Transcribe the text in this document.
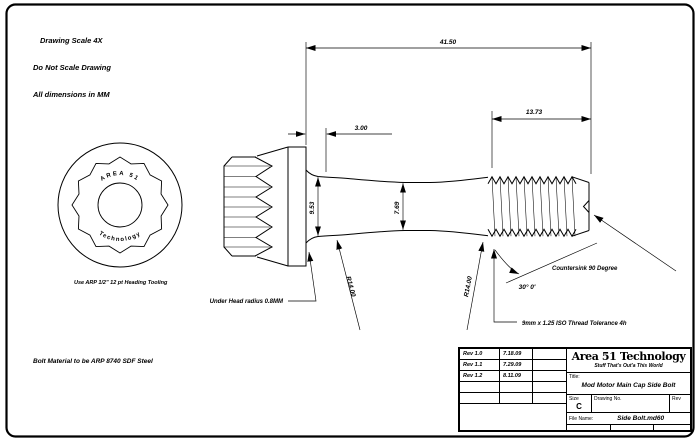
AREA 51
Technology
41.50
13.73
3.00
9.53	7.69
R14.00	R14.00	30° 0'
Countersink 90 Degree
9mm x 1.25 ISO Thread Tolerance 4h
Under Head radius 0.8MM
Drawing Scale 4X
Do Not Scale Drawing
All dimensions in MM
Use ARP 1/2" 12 pt Heading Tooling
Bolt Material to be ARP 8740 SDF Steel
Rev 1.0	7.18.09
Rev 1.1	7.29.09
Rev 1.2	8.11.09
Area 51 Technology
Stuff That's Out'a This World
Title:
Mod Motor Main Cap Side Bolt
Size
C
Drawing No.	Rev
File Name:	Side Bolt.md60
